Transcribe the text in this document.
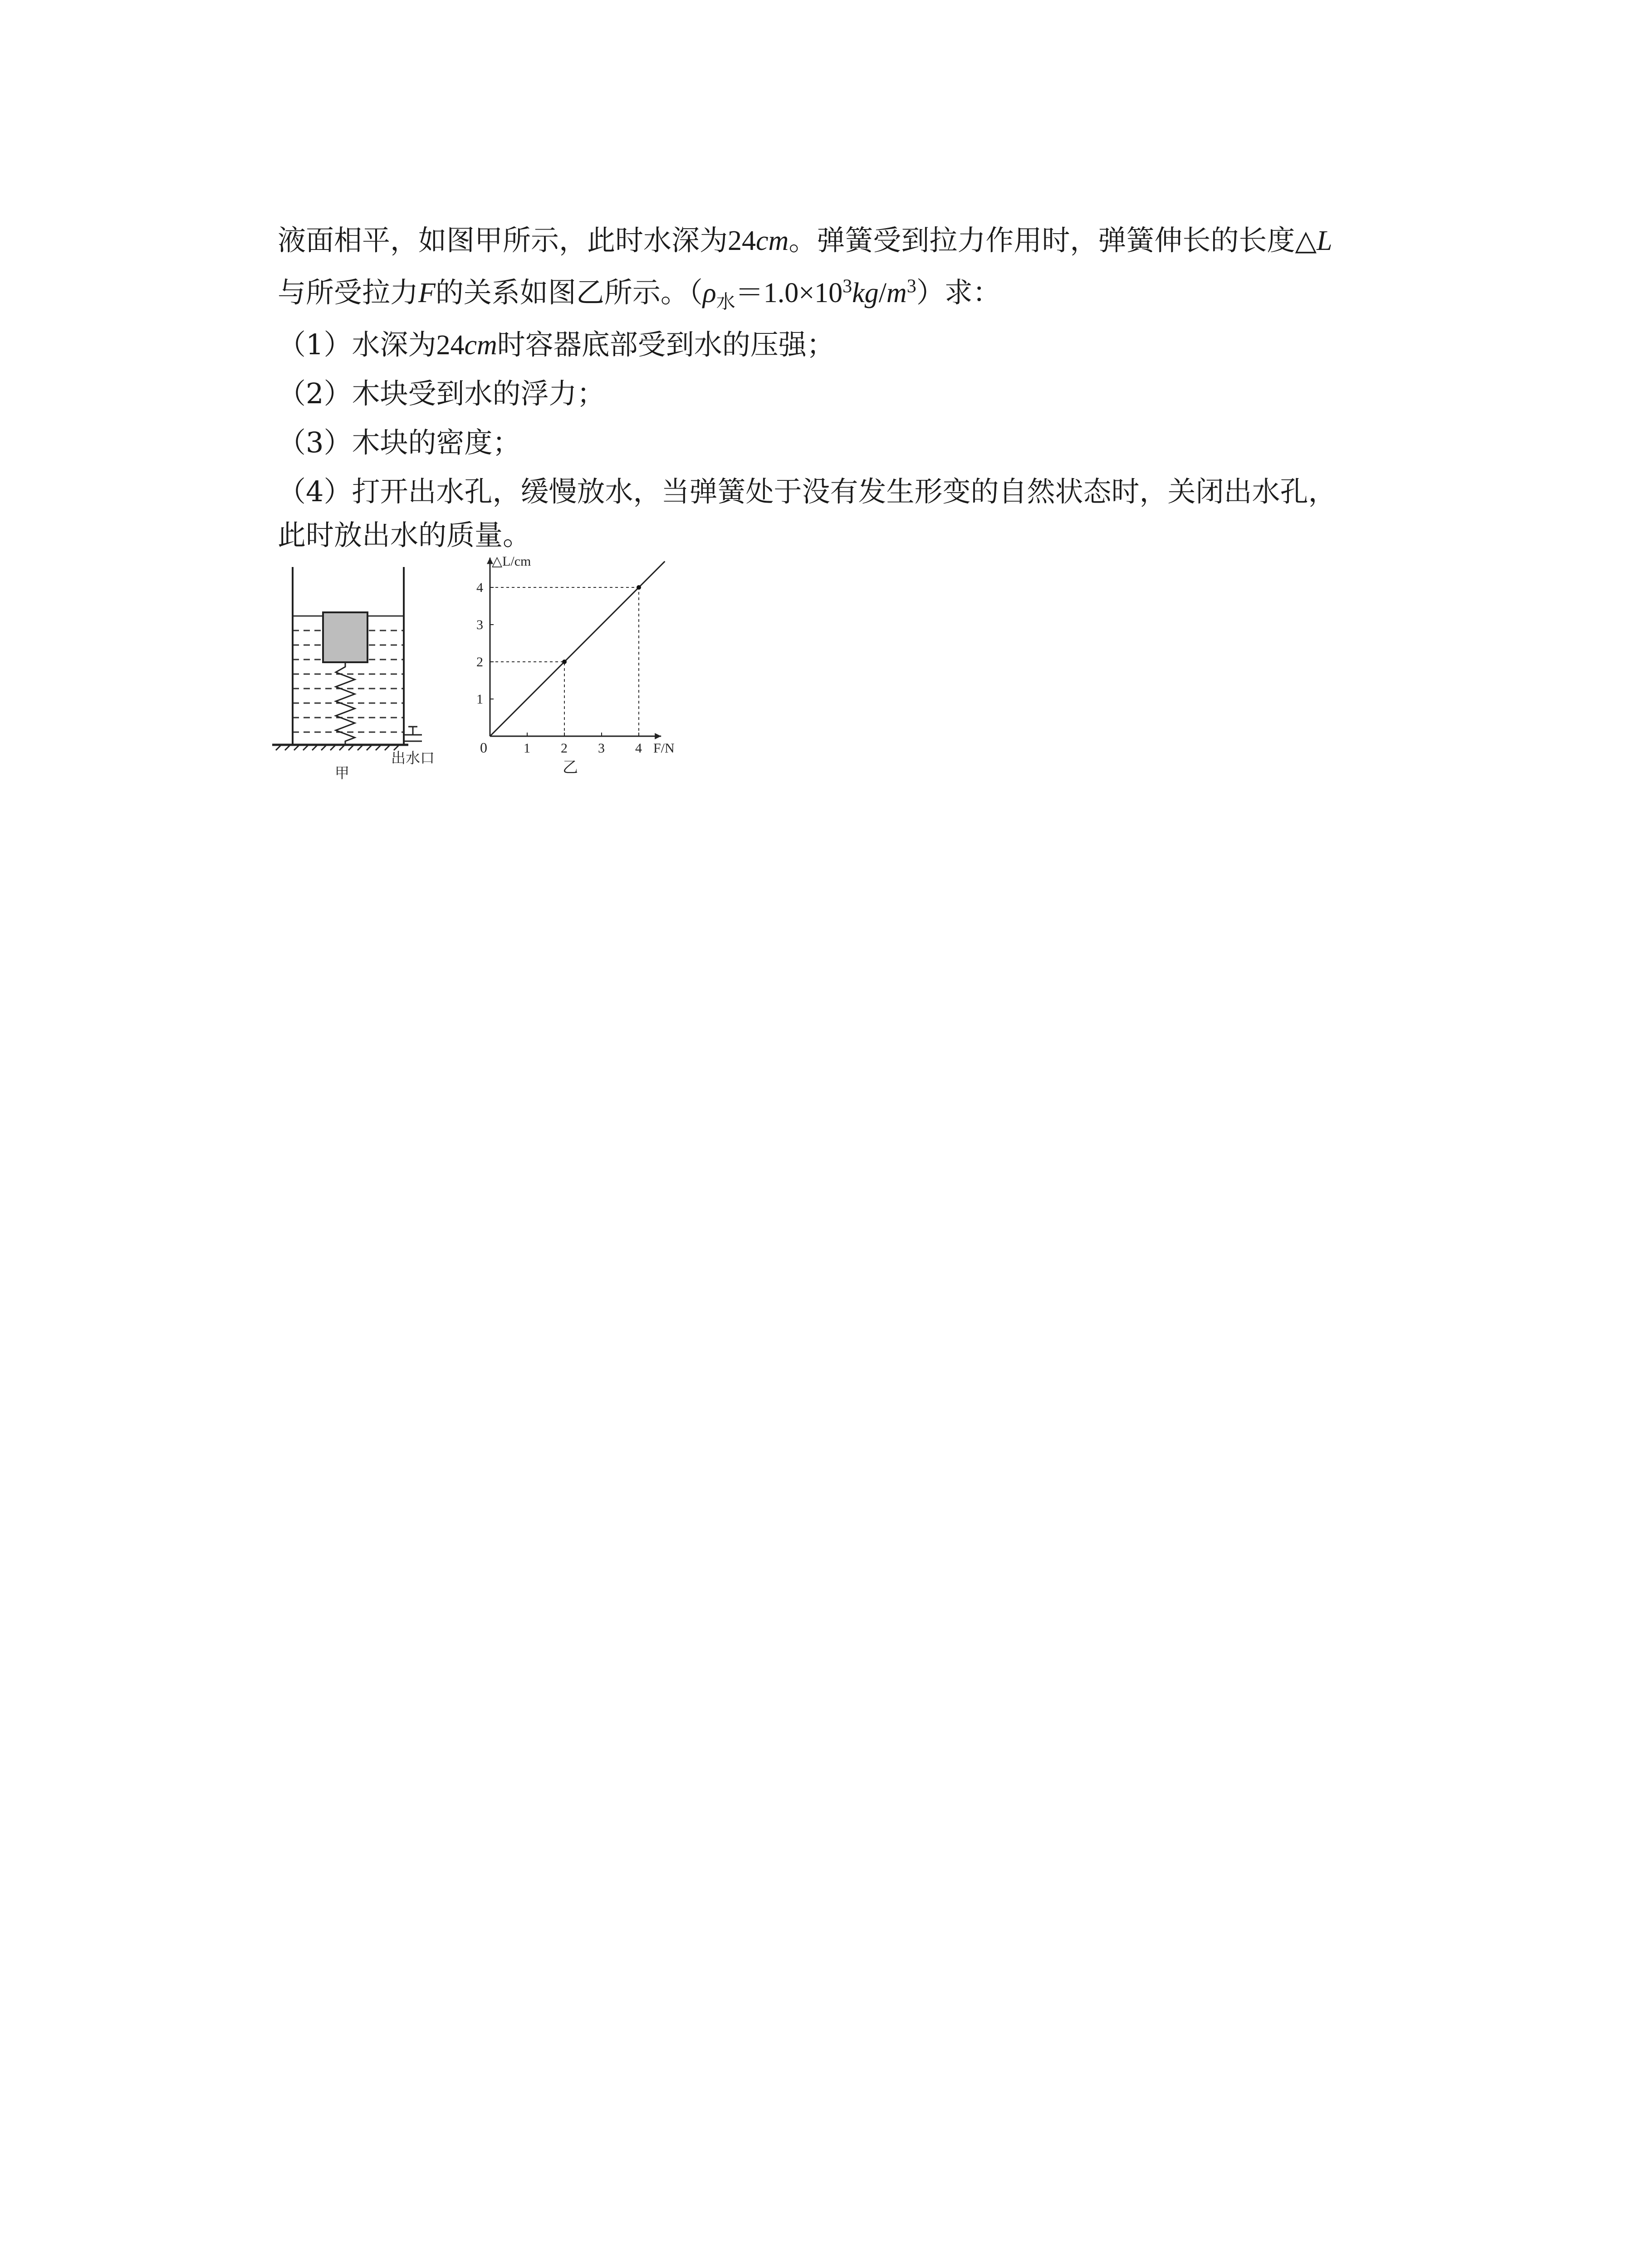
液面相平，如图甲所示，此时水深为24cm。弹簧受到拉力作用时，弹簧伸长的长度△L
与所受拉力F的关系如图乙所示。$(\rho_水=1.0\times 10^3kg/m^3)$求：
（1）水深为24cm时容器底部受到水的压强；
（2）木块受到水的浮力；
（3）木块的密度；
（4）打开出水孔，缓慢放水，当弹簧处于没有发生形变的自然状态时，关闭出水孔，
此时放出水的质量。
出水口
甲
1 2 3 4
1
2
3
4
△L/cm
F/N
0
乙
